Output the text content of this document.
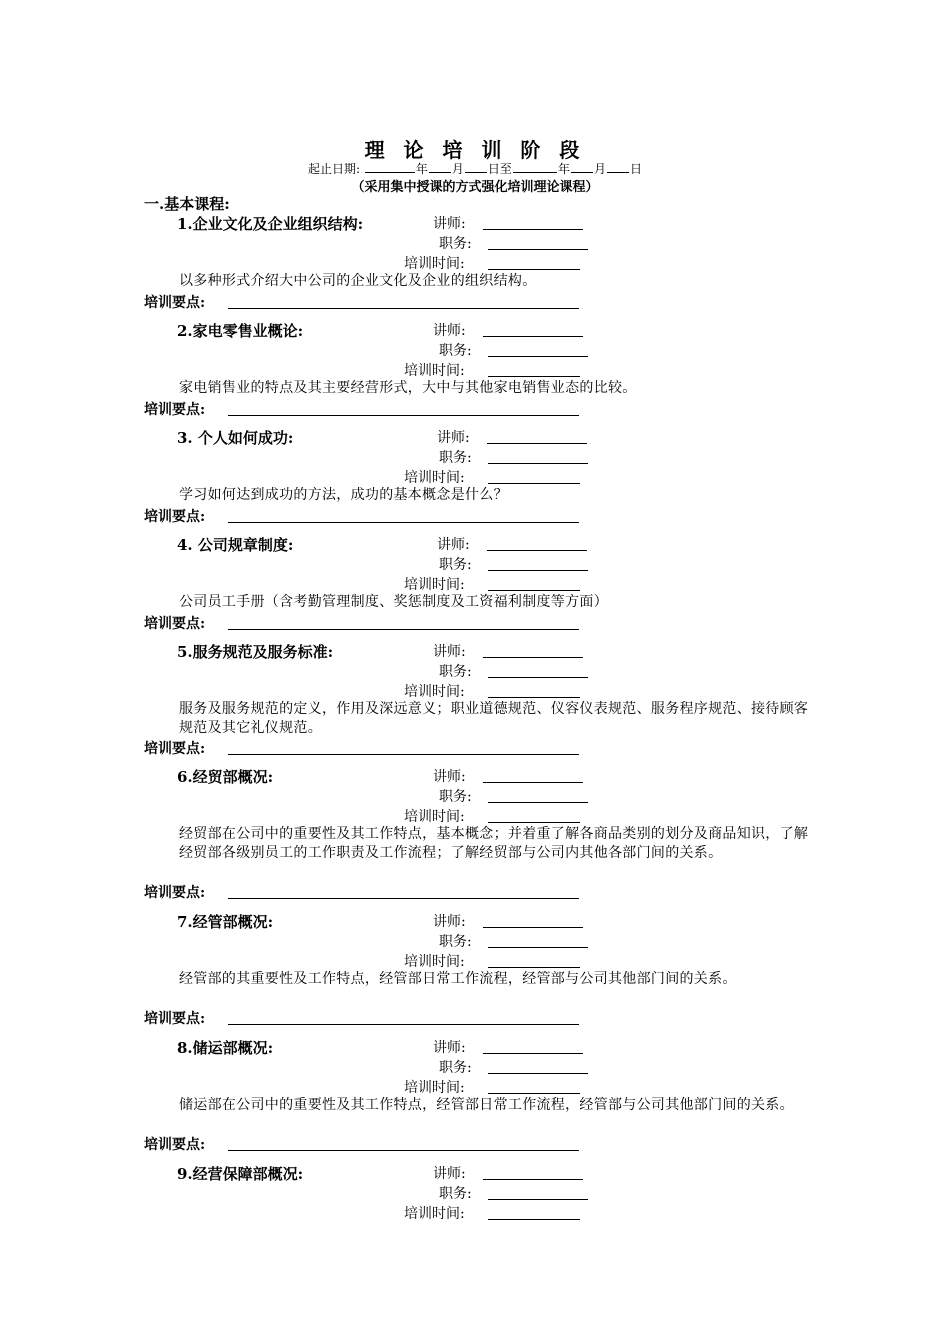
理 论 培 训 阶 段
起止日期:	年 月 日至	年 月 日
（采用集中授课的方式强化培训理论课程）
一.基本课程:
1.企业文化及企业组织结构:	讲师:
职务:
培训时间:
以多种形式介绍大中公司的企业文化及企业的组织结构。
培训要点:
2.家电零售业概论:	讲师:
职务:
培训时间:
家电销售业的特点及其主要经营形式，大中与其他家电销售业态的比较。
培训要点:
3. 个人如何成功:	讲师:
职务:
培训时间:
学习如何达到成功的方法，成功的基本概念是什么？
培训要点:
4. 公司规章制度:	讲师:
职务:
培训时间:
公司员工手册（含考勤管理制度、奖惩制度及工资福利制度等方面）
培训要点:
5.服务规范及服务标准:	讲师:
职务:
培训时间:
服务及服务规范的定义，作用及深远意义；职业道德规范、仪容仪表规范、服务程序规范、接待顾客规范及其它礼仪规范。
培训要点:
6.经贸部概况:	讲师:
职务:
培训时间:
经贸部在公司中的重要性及其工作特点，基本概念；并着重了解各商品类别的划分及商品知识，了解经贸部各级别员工的工作职责及工作流程；了解经贸部与公司内其他各部门间的关系。
培训要点:
7.经管部概况:	讲师:
职务:
培训时间:
经管部的其重要性及工作特点，经管部日常工作流程，经管部与公司其他部门间的关系。
培训要点:
8.储运部概况:	讲师:
职务:
培训时间:
储运部在公司中的重要性及其工作特点，经管部日常工作流程，经管部与公司其他部门间的关系。
培训要点:
9.经营保障部概况:	讲师:
职务:
培训时间:
